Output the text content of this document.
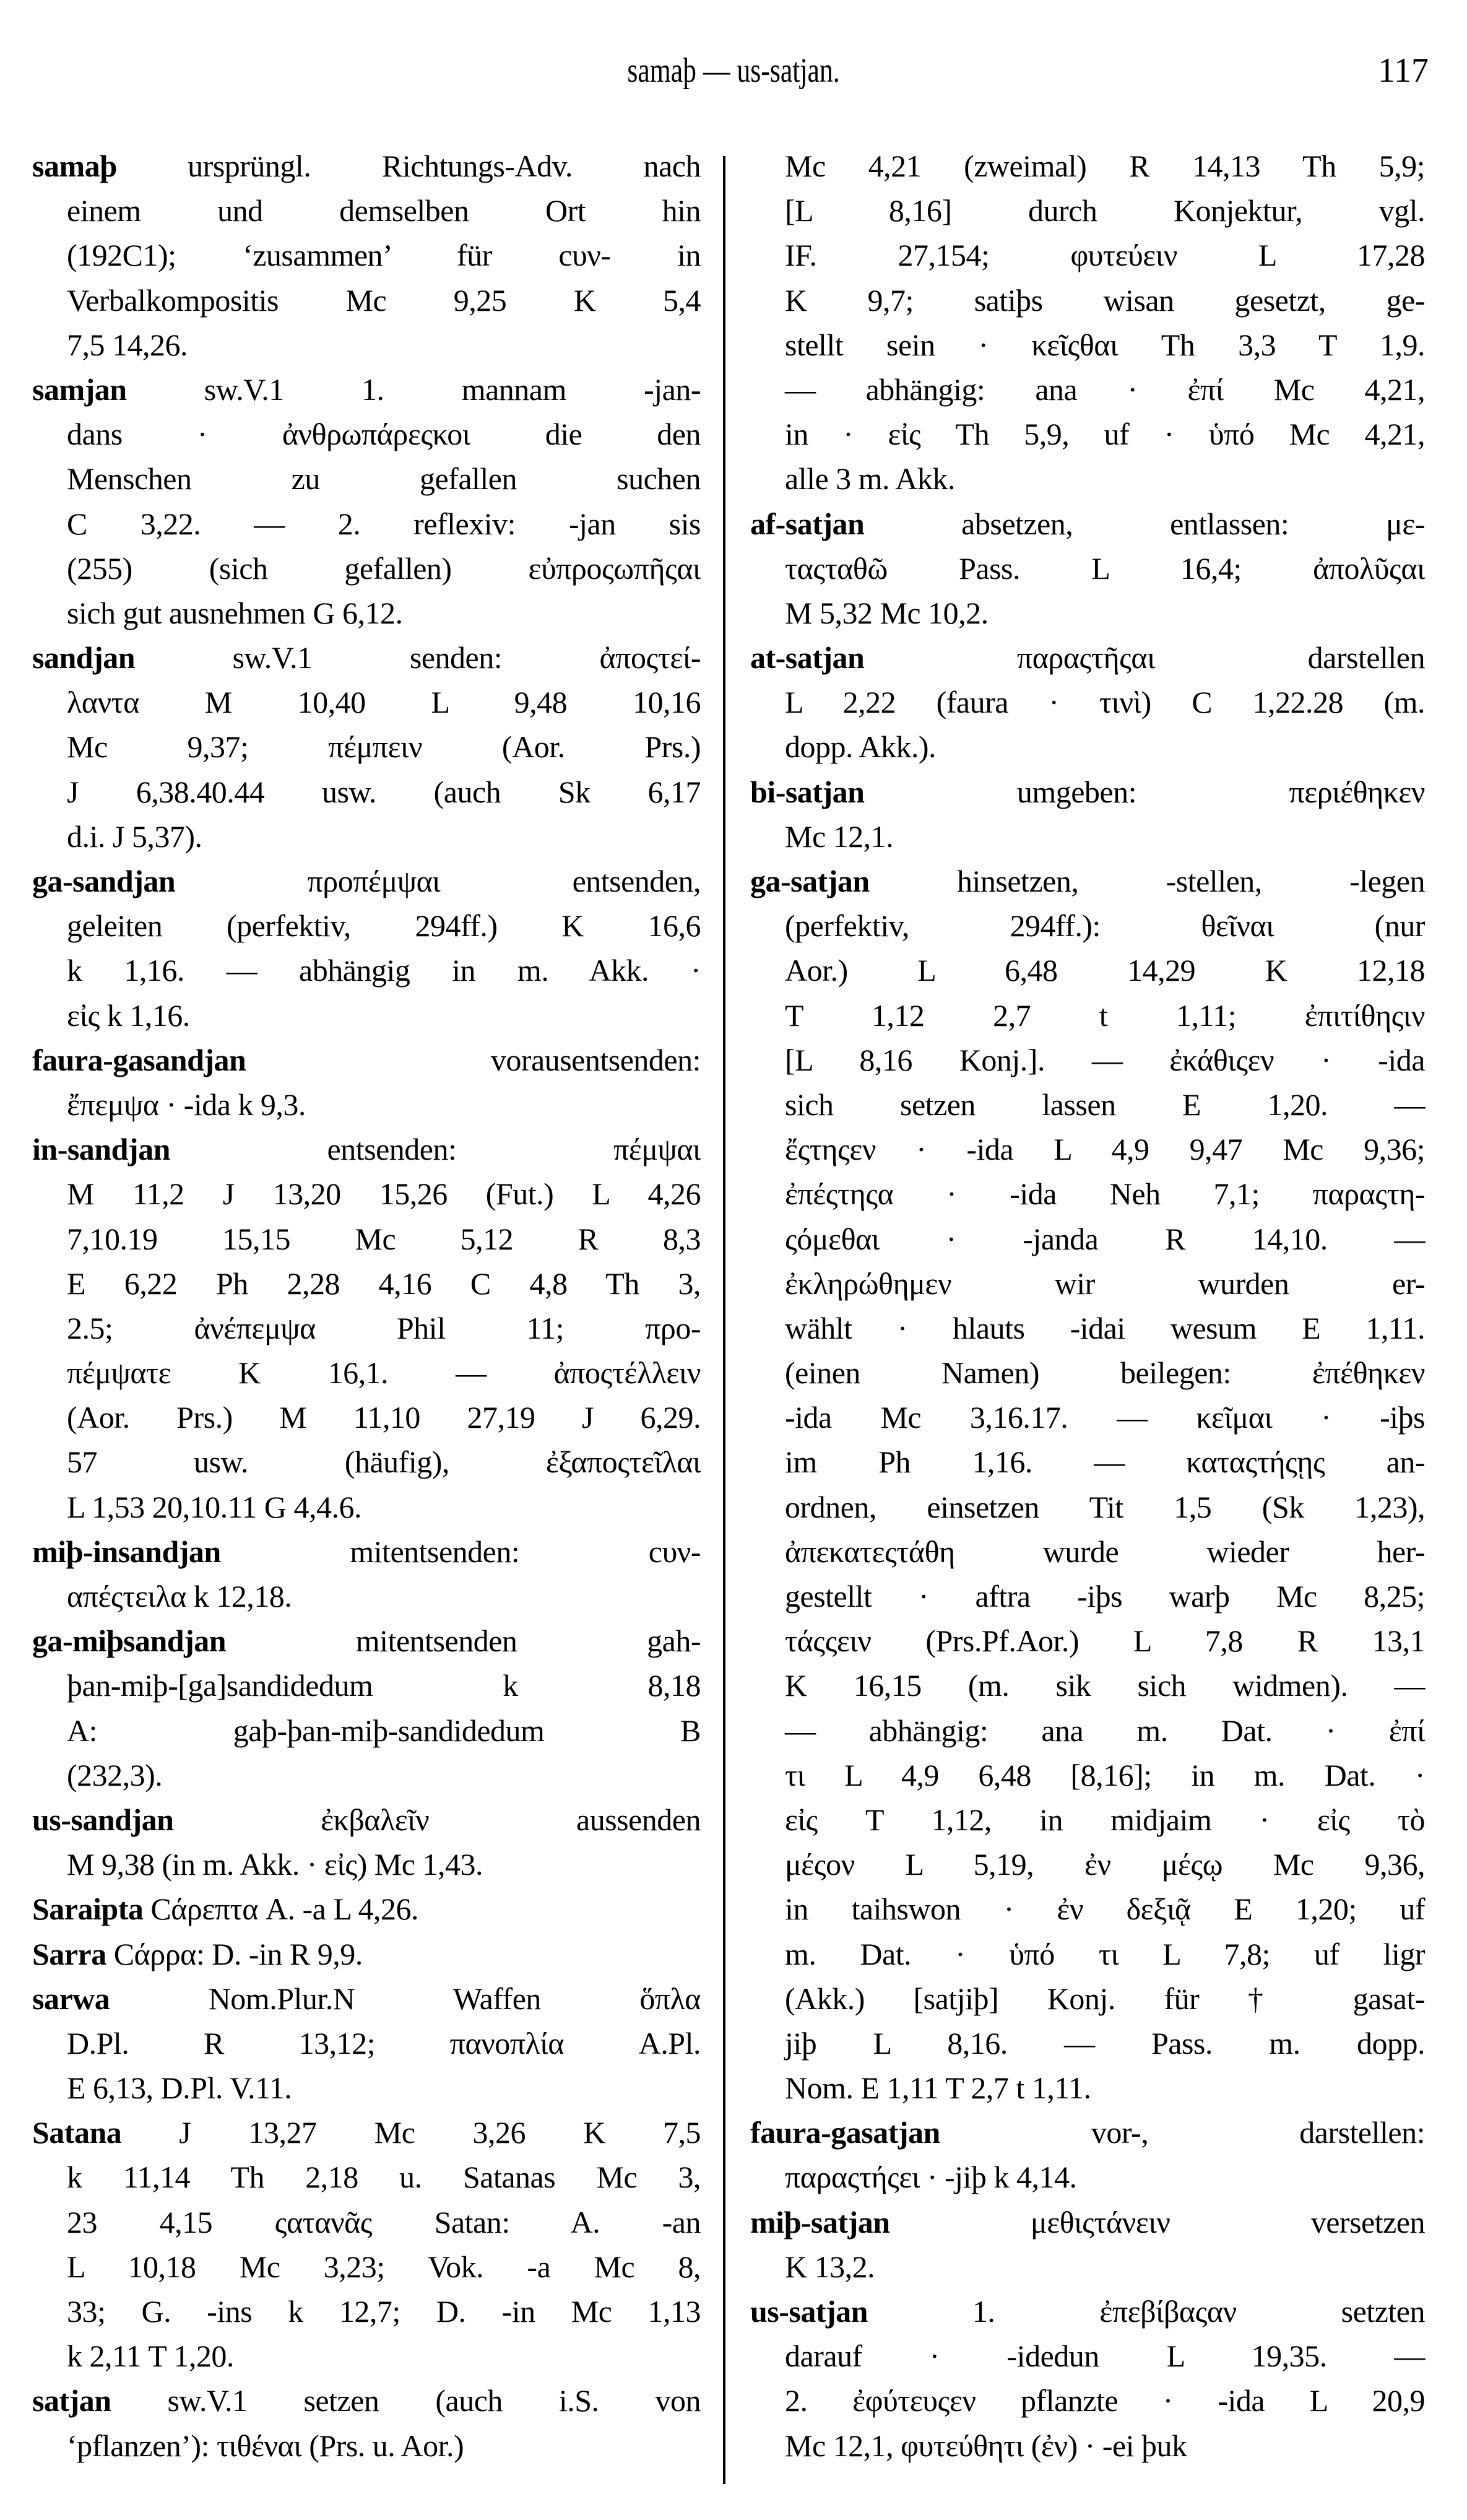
samaþ — us-satjan.	117
samaþ ursprüngl. Richtungs-Adv. nach
einem und demselben Ort hin
(192C1); ‘zusammen’ für cυν- in
Verbalkompositis Mc 9,25 K 5,4
7,5 14,26.
samjan sw.V.1 1. mannam -jan-
dans · ἀνθρωπάρεςκοι die den
Menschen zu gefallen suchen
C 3,22. — 2. reflexiv: -jan sis
(255) (sich gefallen) εὐπροςωπῆςαι
sich gut ausnehmen G 6,12.
sandjan sw.V.1 senden: ἀποςτεί-
λαντα M 10,40 L 9,48 10,16
Mc 9,37; πέμπειν (Aor. Prs.)
J 6,38.40.44 usw. (auch Sk 6,17
d.i. J 5,37).
ga-sandjan προπέμψαι entsenden,
geleiten (perfektiv, 294ff.) K 16,6
k 1,16. — abhängig in m. Akk. ·
εἰς k 1,16.
faura-gasandjan vorausentsenden:
ἔπεμψα · -ida k 9,3.
in-sandjan entsenden: πέμψαι
M 11,2 J 13,20 15,26 (Fut.) L 4,26
7,10.19 15,15 Mc 5,12 R 8,3
E 6,22 Ph 2,28 4,16 C 4,8 Th 3,
2.5; ἀνέπεμψα Phil 11; προ-
πέμψατε K 16,1. — ἀποςτέλλειν
(Aor. Prs.) M 11,10 27,19 J 6,29.
57 usw. (häufig), ἐξαποςτεῖλαι
L 1,53 20,10.11 G 4,4.6.
miþ-insandjan mitentsenden: cυν-
απέςτειλα k 12,18.
ga-miþsandjan mitentsenden gah-
þan-miþ-[ga]sandidedum k 8,18
A: gaþ-þan-miþ-sandidedum B
(232,3).
us-sandjan ἐκβαλεῖν aussenden
M 9,38 (in m. Akk. · εἰς) Mc 1,43.
Saraipta Cάρεπτα A. -a L 4,26.
Sarra Cάρρα: D. -in R 9,9.
sarwa Nom.Plur.N Waffen ὅπλα
D.Pl. R 13,12; πανοπλία A.Pl.
E 6,13, D.Pl. V.11.
Satana J 13,27 Mc 3,26 K 7,5
k 11,14 Th 2,18 u. Satanas Mc 3,
23 4,15 ςατανᾶς Satan: A. -an
L 10,18 Mc 3,23; Vok. -a Mc 8,
33; G. -ins k 12,7; D. -in Mc 1,13
k 2,11 T 1,20.
satjan sw.V.1 setzen (auch i.S. von
‘pflanzen’): τιθέναι (Prs. u. Aor.)
Mc 4,21 (zweimal) R 14,13 Th 5,9;
[L 8,16] durch Konjektur, vgl.
IF. 27,154; φυτεύειν L 17,28
K 9,7; satiþs wisan gesetzt, ge-
stellt sein · κεῖςθαι Th 3,3 T 1,9.
— abhängig: ana · ἐπί Mc 4,21,
in · εἰς Th 5,9, uf · ὑπό Mc 4,21,
alle 3 m. Akk.
af-satjan absetzen, entlassen: με-
ταςταθῶ Pass. L 16,4; ἀπολῦςαι
M 5,32 Mc 10,2.
at-satjan παραςτῆςαι darstellen
L 2,22 (faura · τινὶ) C 1,22.28 (m.
dopp. Akk.).
bi-satjan umgeben: περιέθηκεν
Mc 12,1.
ga-satjan hinsetzen, -stellen, -legen
(perfektiv, 294ff.): θεῖναι (nur
Aor.) L 6,48 14,29 K 12,18
T 1,12 2,7 t 1,11; ἐπιτίθηςιν
[L 8,16 Konj.]. — ἐκάθιςεν · -ida
sich setzen lassen E 1,20. —
ἔςτηςεν · -ida L 4,9 9,47 Mc 9,36;
ἐπέςτηςα · -ida Neh 7,1; παραςτη-
ςόμεθαι · -janda R 14,10. —
ἐκληρώθημεν wir wurden er-
wählt · hlauts -idai wesum E 1,11.
(einen Namen) beilegen: ἐπέθηκεν
-ida Mc 3,16.17. — κεῖμαι · -iþs
im Ph 1,16. — καταςτήςῃς an-
ordnen, einsetzen Tit 1,5 (Sk 1,23),
ἀπεκατεςτάθη wurde wieder her-
gestellt · aftra -iþs warþ Mc 8,25;
τάςςειν (Prs.Pf.Aor.) L 7,8 R 13,1
K 16,15 (m. sik sich widmen). —
— abhängig: ana m. Dat. · ἐπί
τι L 4,9 6,48 [8,16]; in m. Dat. ·
εἰς T 1,12, in midjaim · εἰς τὸ
μέςον L 5,19, ἐν μέςῳ Mc 9,36,
in taihswon · ἐν δεξιᾷ E 1,20; uf
m. Dat. · ὑπό τι L 7,8; uf ligr
(Akk.) [satjiþ] Konj. für † gasat-
jiþ L 8,16. — Pass. m. dopp.
Nom. E 1,11 T 2,7 t 1,11.
faura-gasatjan vor-, darstellen:
παραςτήςει · -jiþ k 4,14.
miþ-satjan μεθιςτάνειν versetzen
K 13,2.
us-satjan 1. ἐπεβίβαςαν setzten
darauf · -idedun L 19,35. —
2. ἐφύτευςεν pflanzte · -ida L 20,9
Mc 12,1, φυτεύθητι (ἐν) · -ei þuk
